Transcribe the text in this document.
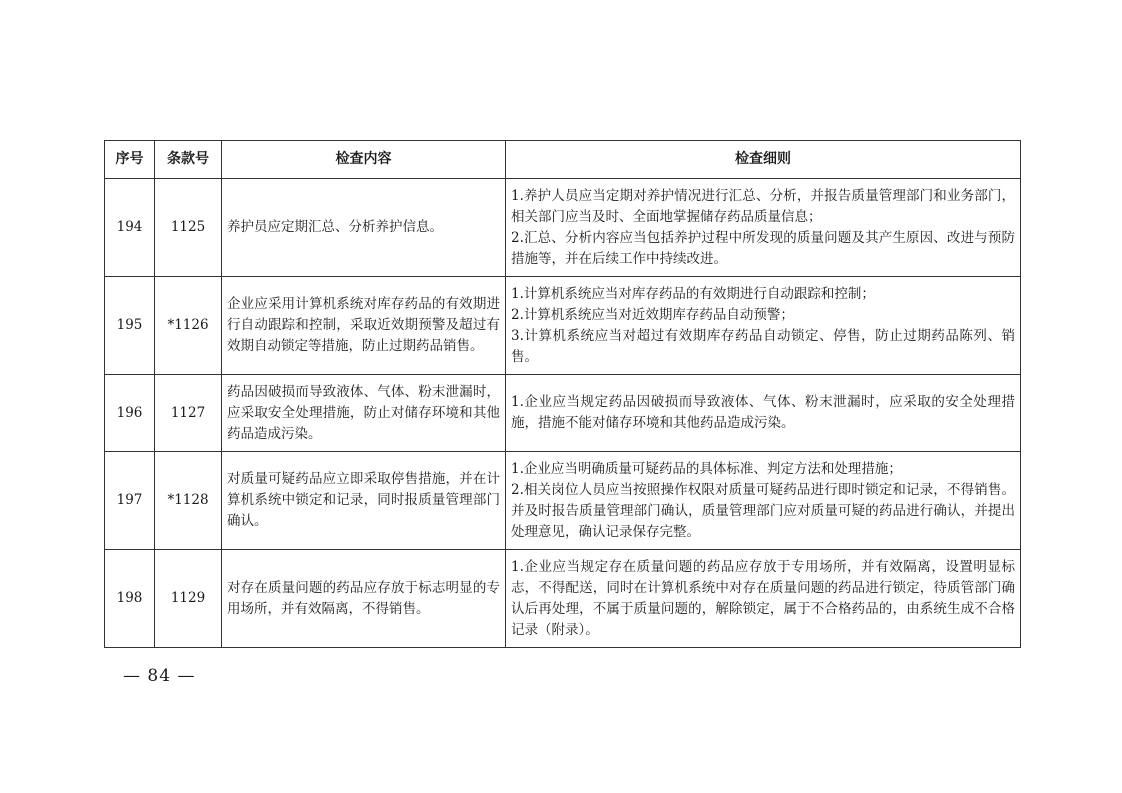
序号	条款号	检查内容	检查细则
194	1125	养护员应定期汇总、分析养护信息。	1.养护人员应当定期对养护情况进行汇总、分析，并报告质量管理部门和业务部门，相关部门应当及时、全面地掌握储存药品质量信息；
2.汇总、分析内容应当包括养护过程中所发现的质量问题及其产生原因、改进与预防措施等，并在后续工作中持续改进。

195	*1126	企业应采用计算机系统对库存药品的有效期进行自动跟踪和控制，采取近效期预警及超过有效期自动锁定等措施，防止过期药品销售。	1.计算机系统应当对库存药品的有效期进行自动跟踪和控制；
2.计算机系统应当对近效期库存药品自动预警；
3.计算机系统应当对超过有效期库存药品自动锁定、停售，防止过期药品陈列、销售。

196	1127	药品因破损而导致液体、气体、粉末泄漏时，应采取安全处理措施，防止对储存环境和其他药品造成污染。	1.企业应当规定药品因破损而导致液体、气体、粉末泄漏时，应采取的安全处理措施，措施不能对储存环境和其他药品造成污染。

197	*1128	对质量可疑药品应立即采取停售措施，并在计算机系统中锁定和记录，同时报质量管理部门确认。	1.企业应当明确质量可疑药品的具体标准、判定方法和处理措施；
2.相关岗位人员应当按照操作权限对质量可疑药品进行即时锁定和记录，不得销售。并及时报告质量管理部门确认，质量管理部门应对质量可疑的药品进行确认，并提出处理意见，确认记录保存完整。

198	1129	对存在质量问题的药品应存放于标志明显的专用场所，并有效隔离，不得销售。	1.企业应当规定存在质量问题的药品应存放于专用场所，并有效隔离，设置明显标志，不得配送，同时在计算机系统中对存在质量问题的药品进行锁定，待质管部门确认后再处理，不属于质量问题的，解除锁定，属于不合格药品的，由系统生成不合格记录（附录）。
— 84 —
